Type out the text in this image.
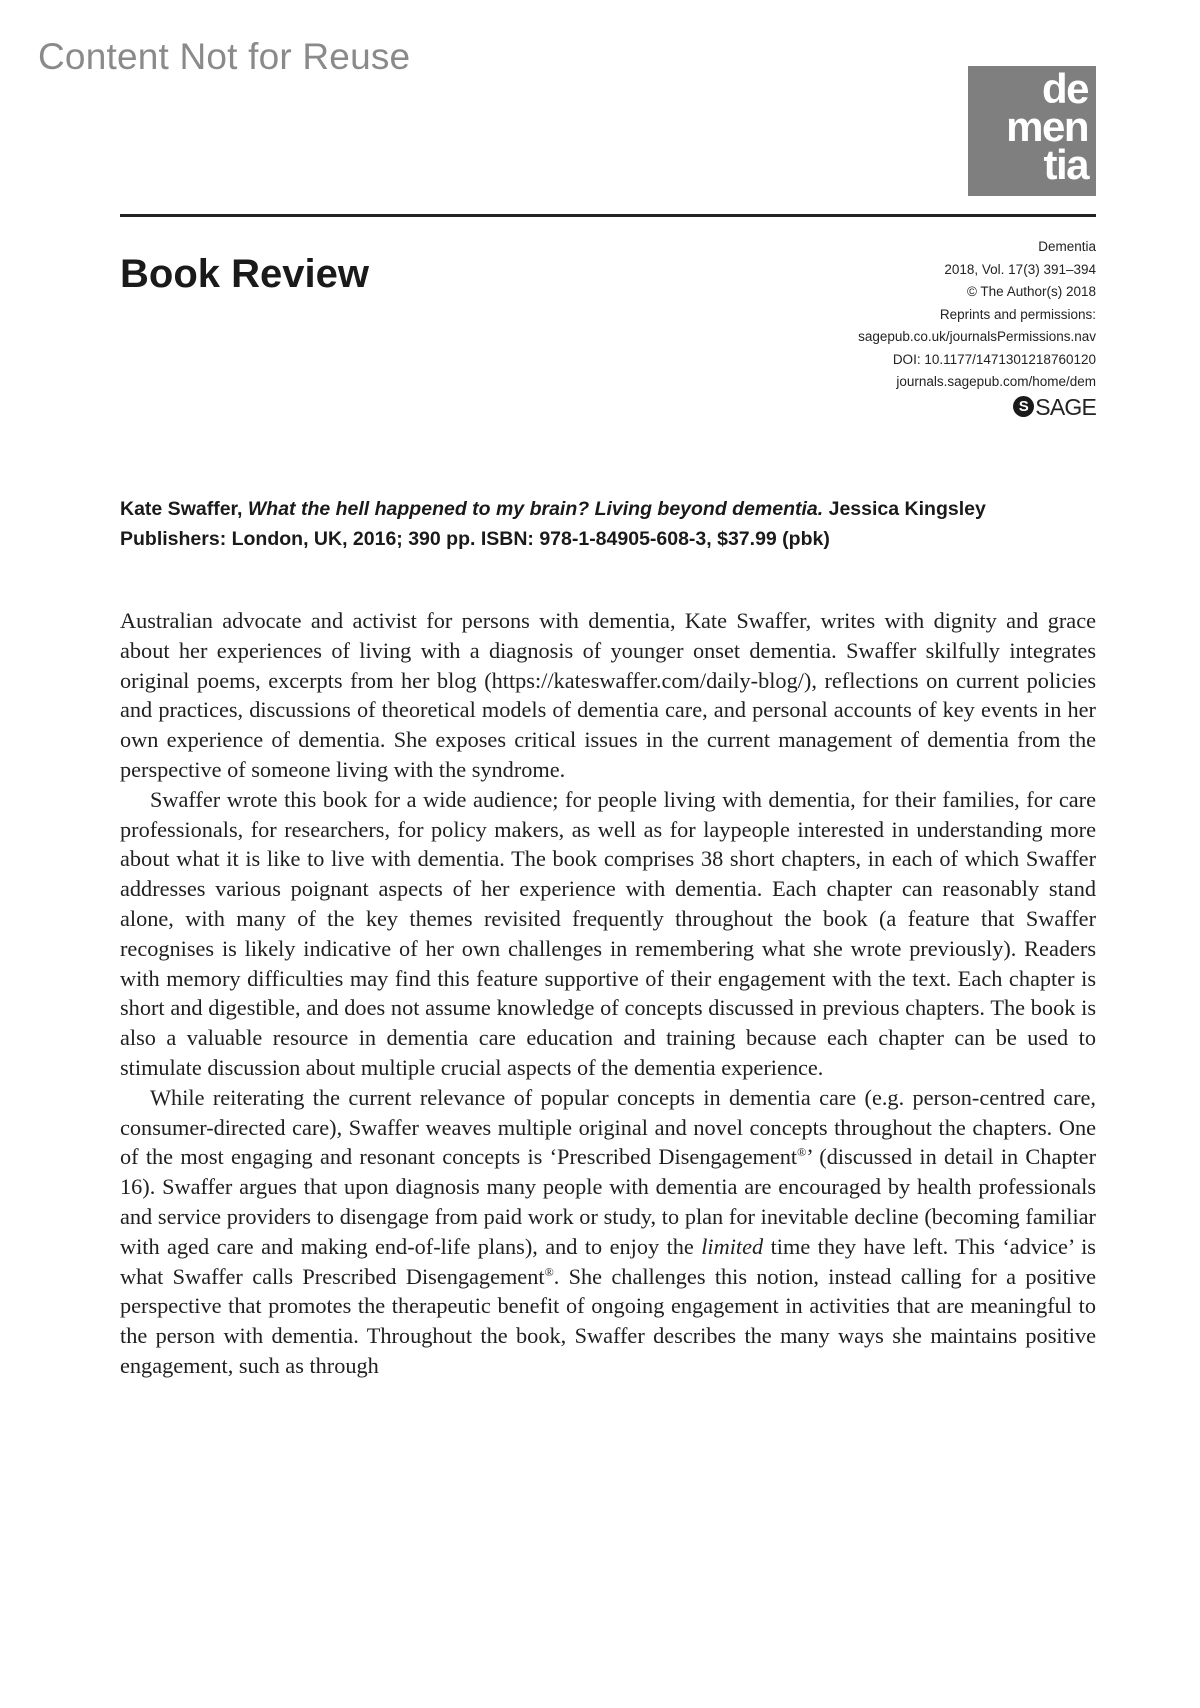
Content Not for Reuse
de
men
tia
Book Review
Dementia
2018, Vol. 17(3) 391–394
© The Author(s) 2018
Reprints and permissions:
sagepub.co.uk/journalsPermissions.nav
DOI: 10.1177/1471301218760120
journals.sagepub.com/home/dem
S SAGE
Kate Swaffer, What the hell happened to my brain? Living beyond dementia. Jessica Kingsley Publishers: London, UK, 2016; 390 pp. ISBN: 978-1-84905-608-3, $37.99 (pbk)

Australian advocate and activist for persons with dementia, Kate Swaffer, writes with dignity and grace about her experiences of living with a diagnosis of younger onset dementia. Swaffer skilfully integrates original poems, excerpts from her blog (https://kateswaffer.com/daily-blog/), reflections on current policies and practices, discussions of theoretical models of dementia care, and personal accounts of key events in her own experience of dementia. She exposes critical issues in the current management of dementia from the perspective of someone living with the syndrome.

Swaffer wrote this book for a wide audience; for people living with dementia, for their families, for care professionals, for researchers, for policy makers, as well as for laypeople interested in understanding more about what it is like to live with dementia. The book comprises 38 short chapters, in each of which Swaffer addresses various poignant aspects of her experience with dementia. Each chapter can reasonably stand alone, with many of the key themes revisited frequently throughout the book (a feature that Swaffer recognises is likely indicative of her own challenges in remembering what she wrote previously). Readers with memory difficulties may find this feature supportive of their engagement with the text. Each chapter is short and digestible, and does not assume knowledge of concepts discussed in previous chapters. The book is also a valuable resource in dementia care education and training because each chapter can be used to stimulate discussion about multiple crucial aspects of the dementia experience.

While reiterating the current relevance of popular concepts in dementia care (e.g. person-centred care, consumer-directed care), Swaffer weaves multiple original and novel concepts throughout the chapters. One of the most engaging and resonant concepts is ‘Prescribed Disengagement®’ (discussed in detail in Chapter 16). Swaffer argues that upon diagnosis many people with dementia are encouraged by health professionals and service providers to disengage from paid work or study, to plan for inevitable decline (becoming familiar with aged care and making end-of-life plans), and to enjoy the limited time they have left. This ‘advice’ is what Swaffer calls Prescribed Disengagement®. She challenges this notion, instead calling for a positive perspective that promotes the therapeutic benefit of ongoing engagement in activities that are meaningful to the person with dementia. Throughout the book, Swaffer describes the many ways she maintains positive engagement, such as through
